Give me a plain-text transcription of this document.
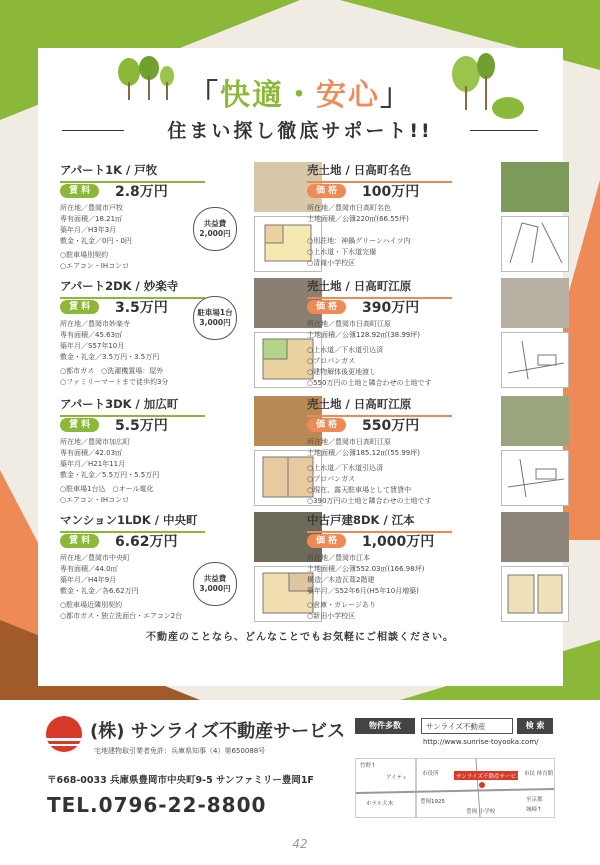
「快適・安心」
住まい探し徹底サポート!!
アパート1K / 戸牧
賃 料	2.8万円
所在地／豊岡市戸牧
専有面積／18.21㎡
築年月／H3年3月
敷金・礼金／0円・0円
○駐車場別契約
○エアコン・IHコンロ
共益費
2,000円
売土地 / 日高町名色
価 格	100万円
所在地／豊岡市日高町名色
土地面積／公簿220㎡(66.55坪)
○別荘地：神鍋グリーンハイツ内
○上水道・下水道完備
○清滝小学校区
アパート2DK / 妙楽寺
賃 料	3.5万円
所在地／豊岡市妙楽寺
専有面積／45.63㎡
築年月／S57年10月
敷金・礼金／3.5万円・3.5万円
○都市ガス　○洗濯機置場：屋外
○ファミリーマートまで徒歩約3分
駐車場1台
3,000円
売土地 / 日高町江原
価 格	390万円
所在地／豊岡市日高町江原
土地面積／公簿128.92㎡(38.99坪)
○上水道／下水道引込済
○プロパンガス
○建物解体後更地渡し
○550万円の土地と隣合わせの土地です
アパート3DK / 加広町
賃 料	5.5万円
所在地／豊岡市加広町
専有面積／42.03㎡
築年月／H21年11月
敷金・礼金／5.5万円・5.5万円
○駐車場1台込　○オール電化
○エアコン・IHコンロ
売土地 / 日高町江原
価 格	550万円
所在地／豊岡市日高町江原
土地面積／公簿185.12㎡(55.99坪)
○上水道／下水道引込済
○プロパンガス
○現在、露天駐車場として賃貸中
○390万円の土地と隣合わせの土地です
マンション1LDK / 中央町
賃 料	6.62万円
所在地／豊岡市中央町
専有面積／44.0㎡
築年月／H4年9月
敷金・礼金／各6.62万円
○駐車場近隣別契約
○都市ガス・独立洗面台・エアコン2台
共益費
3,000円
中古戸建8DK / 江本
価 格	1,000万円
所在地／豊岡市江本
土地面積／公簿552.03㎡(166.98坪)
構造／木造瓦葺2階建
築年月／S52年6月(H5年10月増築)
○倉庫・ガレージあり
○新田小学校区
不動産のことなら、どんなことでもお気軽にご相談ください。
(株) サンライズ不動産サービス
宅地建物取引業者免許：兵庫県知事（4）第650088号
〒668-0033 兵庫県豊岡市中央町9-5 サンファミリー豊岡1F
TEL.0796-22-8800
物件多数	サンライズ不動産	検 索
http://www.sunrise-toyooka.com/
竹野↑
アイティ
市役所
ホテル大木	豊岡1925
サンライズ不動産サービス
豊岡 小学校
市民 体育館
至京都
城崎↑
42
